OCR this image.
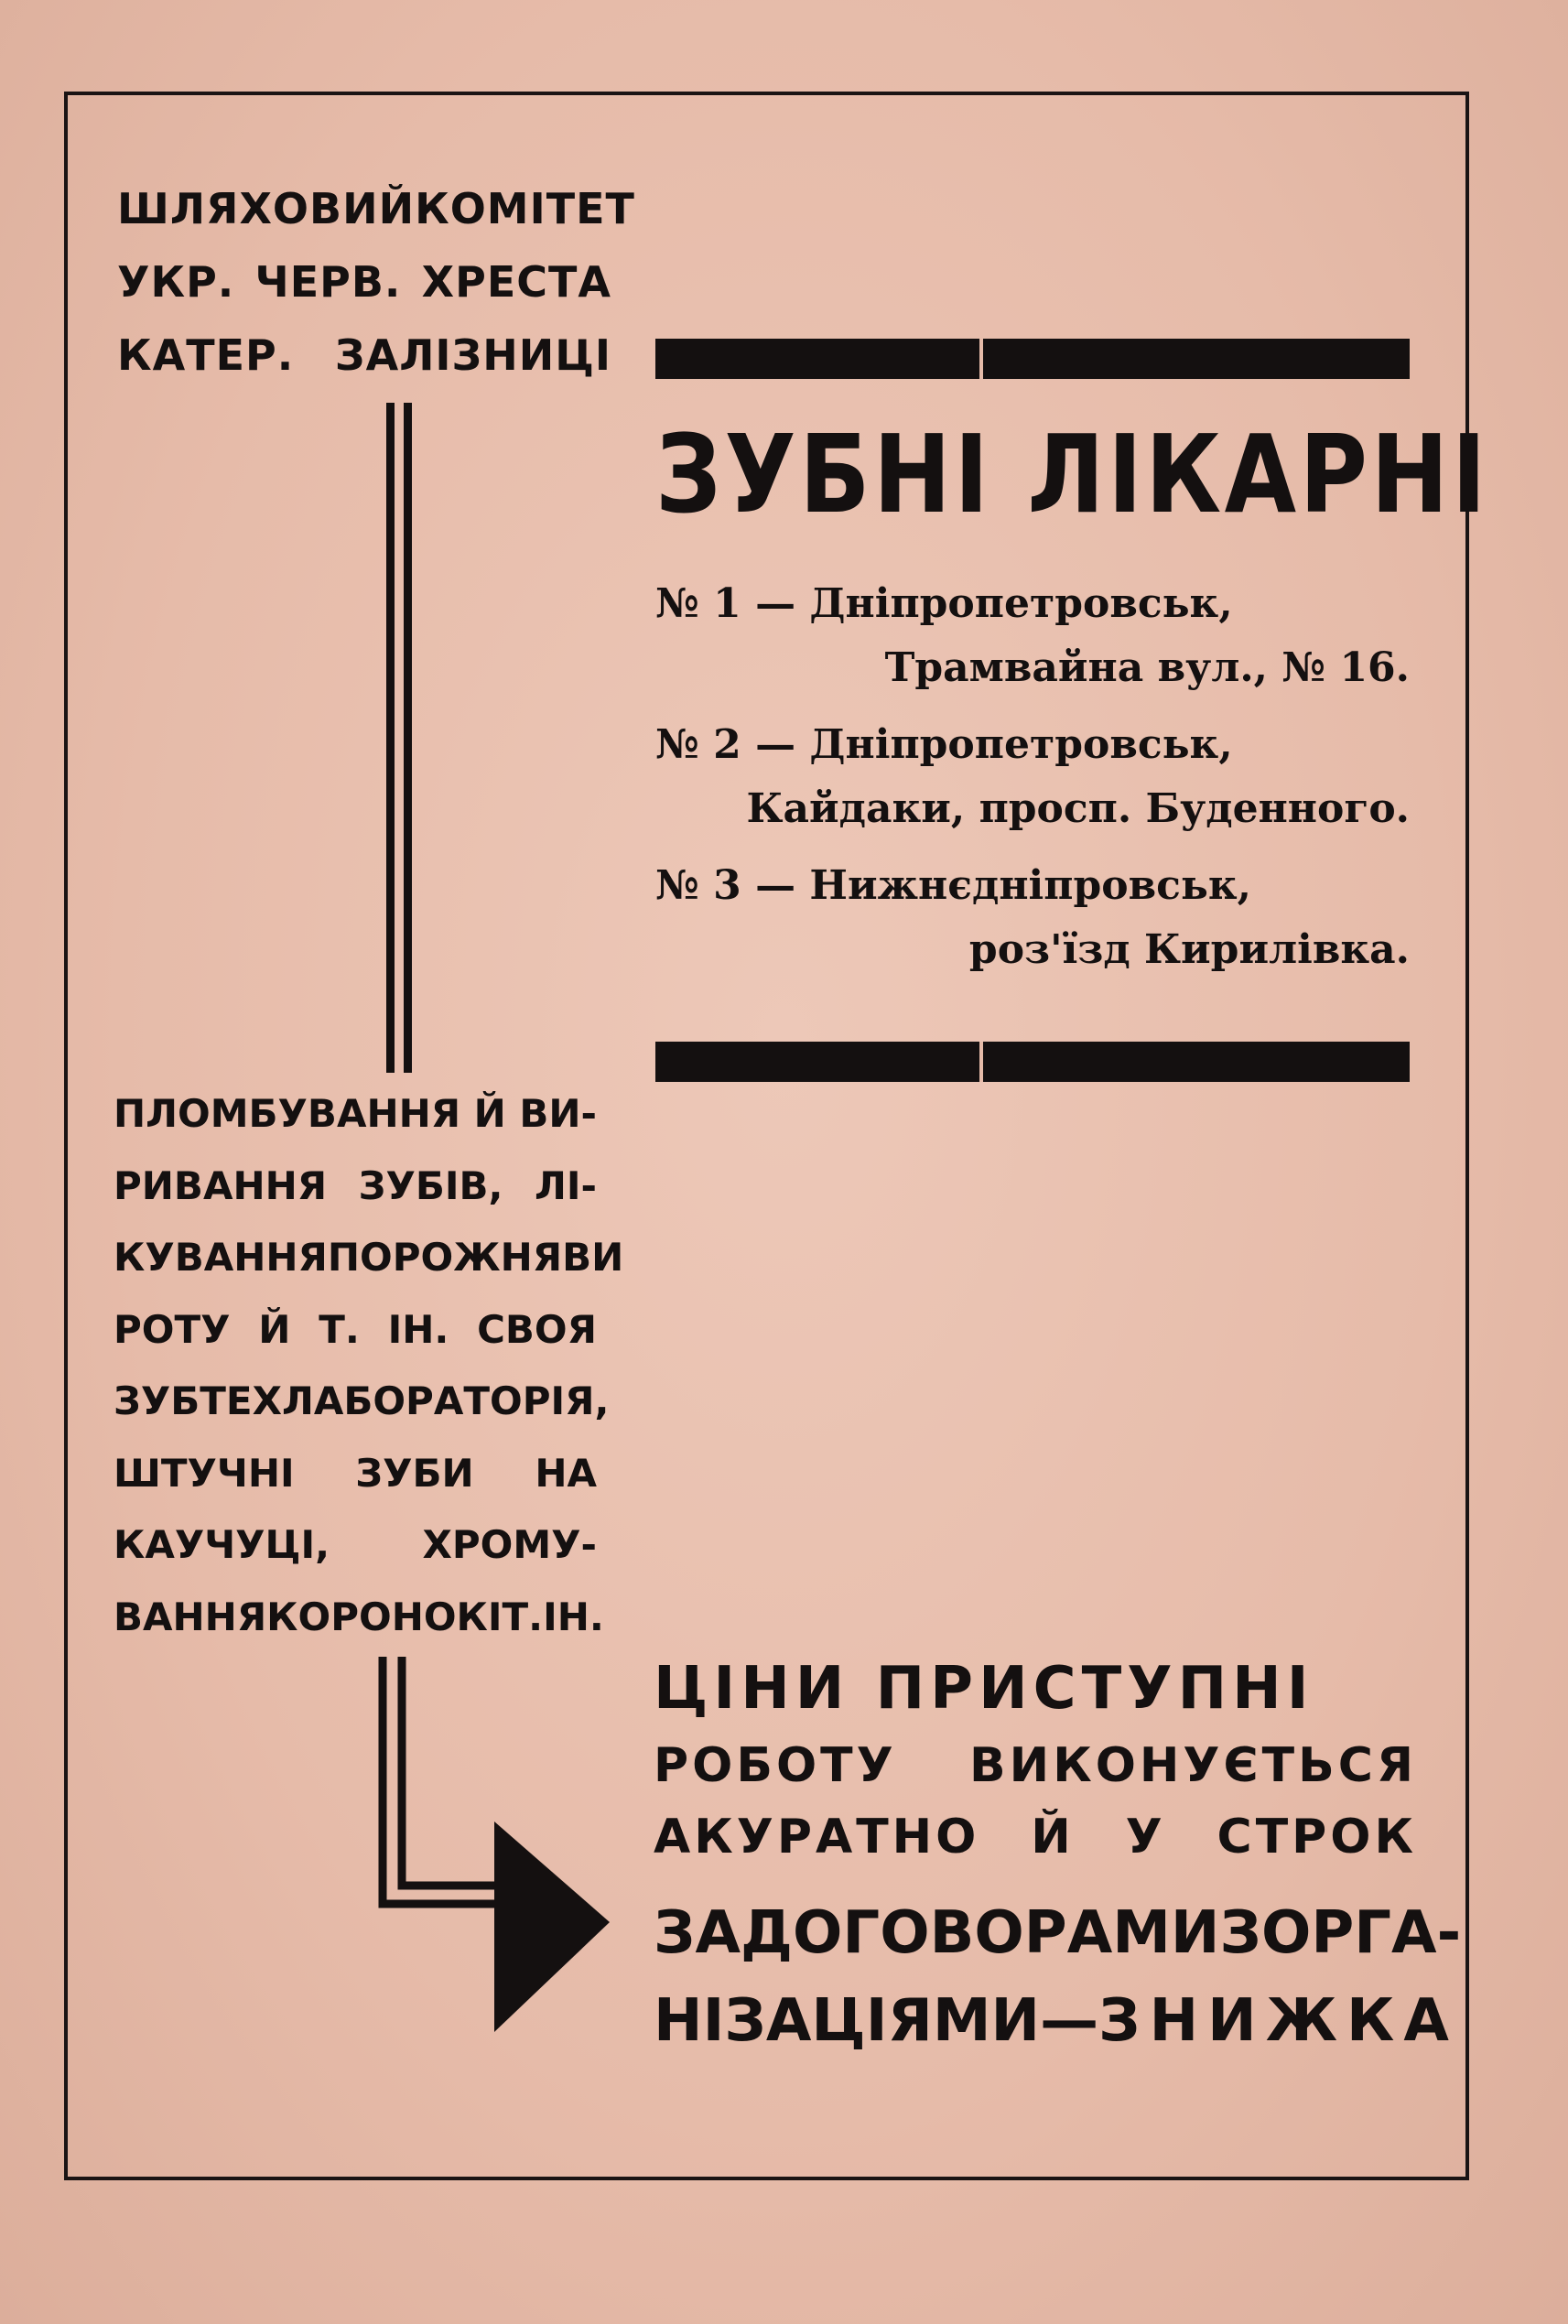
ШЛЯХОВИЙ КОМІТЕТ
УКР. ЧЕРВ. ХРЕСТА
КАТЕР. ЗАЛІЗНИЦІ
ЗУБНІ ЛІКАРНІ
№ 1 — Дніпропетровськ,
Трамвайна вул., № 16.
№ 2 — Дніпропетровськ,
Кайдаки, просп. Буденного.
№ 3 — Нижнєдніпровськ,
роз'їзд Кирилівка.
ПЛОМБУВАННЯ Й ВИ-
РИВАННЯ ЗУБІВ, ЛІ-
КУВАННЯ ПОРОЖНЯВИ
РОТУ Й Т. ІН. СВОЯ
ЗУБТЕХЛАБОРАТОРІЯ,
ШТУЧНІ ЗУБИ НА
КАУЧУЦІ, ХРОМУ-
ВАННЯ КОРОНОК І Т. ІН.
ЦІНИ ПРИСТУПНІ
РОБОТУ ВИКОНУЄТЬСЯ
АКУРАТНО Й У СТРОК
ЗА ДОГОВОРАМИ З ОРГА-
НІЗАЦІЯМИ — ЗНИЖКА
